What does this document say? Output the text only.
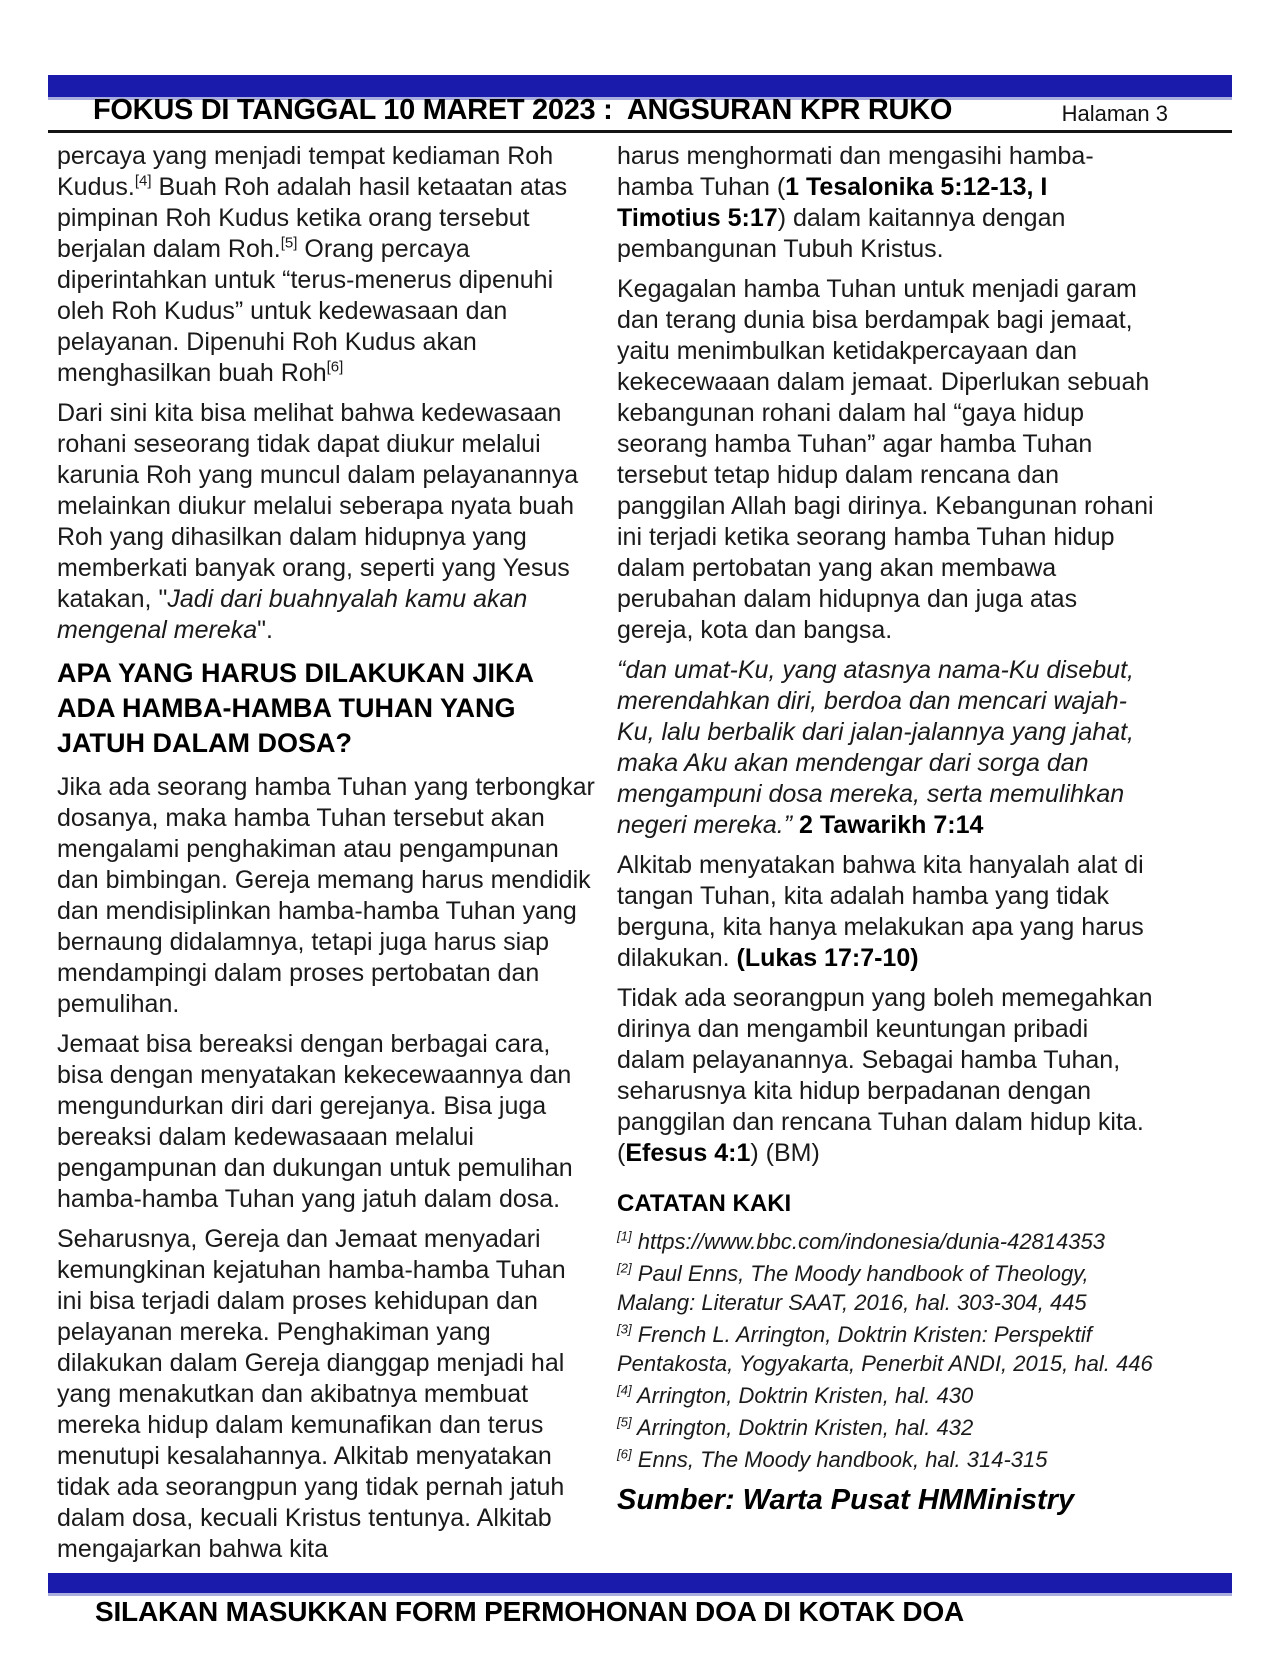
FOKUS DI TANGGAL 10 MARET 2023 :  ANGSURAN KPR RUKO	Halaman 3
percaya yang menjadi tempat kediaman Roh Kudus.[4] Buah Roh adalah hasil ketaatan atas pimpinan Roh Kudus ketika orang tersebut berjalan dalam Roh.[5] Orang percaya diperintahkan untuk “terus-menerus dipenuhi oleh Roh Kudus” untuk kedewasaan dan pelayanan. Dipenuhi Roh Kudus akan menghasilkan buah Roh[6]
Dari sini kita bisa melihat bahwa kedewasaan rohani seseorang tidak dapat diukur melalui karunia Roh yang muncul dalam pelayanannya melainkan diukur melalui seberapa nyata buah Roh yang dihasilkan dalam hidupnya yang memberkati banyak orang, seperti yang Yesus katakan, "Jadi dari buahnyalah kamu akan mengenal mereka".
APA YANG HARUS DILAKUKAN JIKA ADA HAMBA-HAMBA TUHAN YANG JATUH DALAM DOSA?
Jika ada seorang hamba Tuhan yang terbongkar dosanya, maka hamba Tuhan tersebut akan mengalami penghakiman atau pengampunan dan bimbingan. Gereja memang harus mendidik dan mendisiplinkan hamba-hamba Tuhan yang bernaung didalamnya, tetapi juga harus siap mendampingi dalam proses pertobatan dan pemulihan.
Jemaat bisa bereaksi dengan berbagai cara, bisa dengan menyatakan kekecewaannya dan mengundurkan diri dari gerejanya. Bisa juga bereaksi dalam kedewasaaan melalui pengampunan dan dukungan untuk pemulihan hamba-hamba Tuhan yang jatuh dalam dosa.
Seharusnya, Gereja dan Jemaat menyadari kemungkinan kejatuhan hamba-hamba Tuhan ini bisa terjadi dalam proses kehidupan dan pelayanan mereka. Penghakiman yang dilakukan dalam Gereja dianggap menjadi hal yang menakutkan dan akibatnya membuat mereka hidup dalam kemunafikan dan terus menutupi kesalahannya. Alkitab menyatakan tidak ada seorangpun yang tidak pernah jatuh dalam dosa, kecuali Kristus tentunya. Alkitab mengajarkan bahwa kita
harus menghormati dan mengasihi hamba-hamba Tuhan (1 Tesalonika 5:12-13, I Timotius 5:17) dalam kaitannya dengan pembangunan Tubuh Kristus.
Kegagalan hamba Tuhan untuk menjadi garam dan terang dunia bisa berdampak bagi jemaat, yaitu menimbulkan ketidakpercayaan dan kekecewaaan dalam jemaat. Diperlukan sebuah kebangunan rohani dalam hal “gaya hidup seorang hamba Tuhan” agar hamba Tuhan tersebut tetap hidup dalam rencana dan panggilan Allah bagi dirinya. Kebangunan rohani ini terjadi ketika seorang hamba Tuhan hidup dalam pertobatan yang akan membawa perubahan dalam hidupnya dan juga atas gereja, kota dan bangsa.
“dan umat-Ku, yang atasnya nama-Ku disebut, merendahkan diri, berdoa dan mencari wajah-Ku, lalu berbalik dari jalan-jalannya yang jahat, maka Aku akan mendengar dari sorga dan mengampuni dosa mereka, serta memulihkan negeri mereka.” 2 Tawarikh 7:14
Alkitab menyatakan bahwa kita hanyalah alat di tangan Tuhan, kita adalah hamba yang tidak berguna, kita hanya melakukan apa yang harus dilakukan. (Lukas 17:7-10)
Tidak ada seorangpun yang boleh memegahkan dirinya dan mengambil keuntungan pribadi dalam pelayanannya. Sebagai hamba Tuhan, seharusnya kita hidup berpadanan dengan panggilan dan rencana Tuhan dalam hidup kita. (Efesus 4:1) (BM)
CATATAN KAKI
[1] https://www.bbc.com/indonesia/dunia-42814353
[2] Paul Enns, The Moody handbook of Theology, Malang: Literatur SAAT, 2016, hal. 303-304, 445
[3] French L. Arrington, Doktrin Kristen: Perspektif Pentakosta, Yogyakarta, Penerbit ANDI, 2015, hal. 446
[4] Arrington, Doktrin Kristen, hal. 430
[5] Arrington, Doktrin Kristen, hal. 432
[6] Enns, The Moody handbook, hal. 314-315
Sumber: Warta Pusat HMMinistry
SILAKAN MASUKKAN FORM PERMOHONAN DOA DI KOTAK DOA
